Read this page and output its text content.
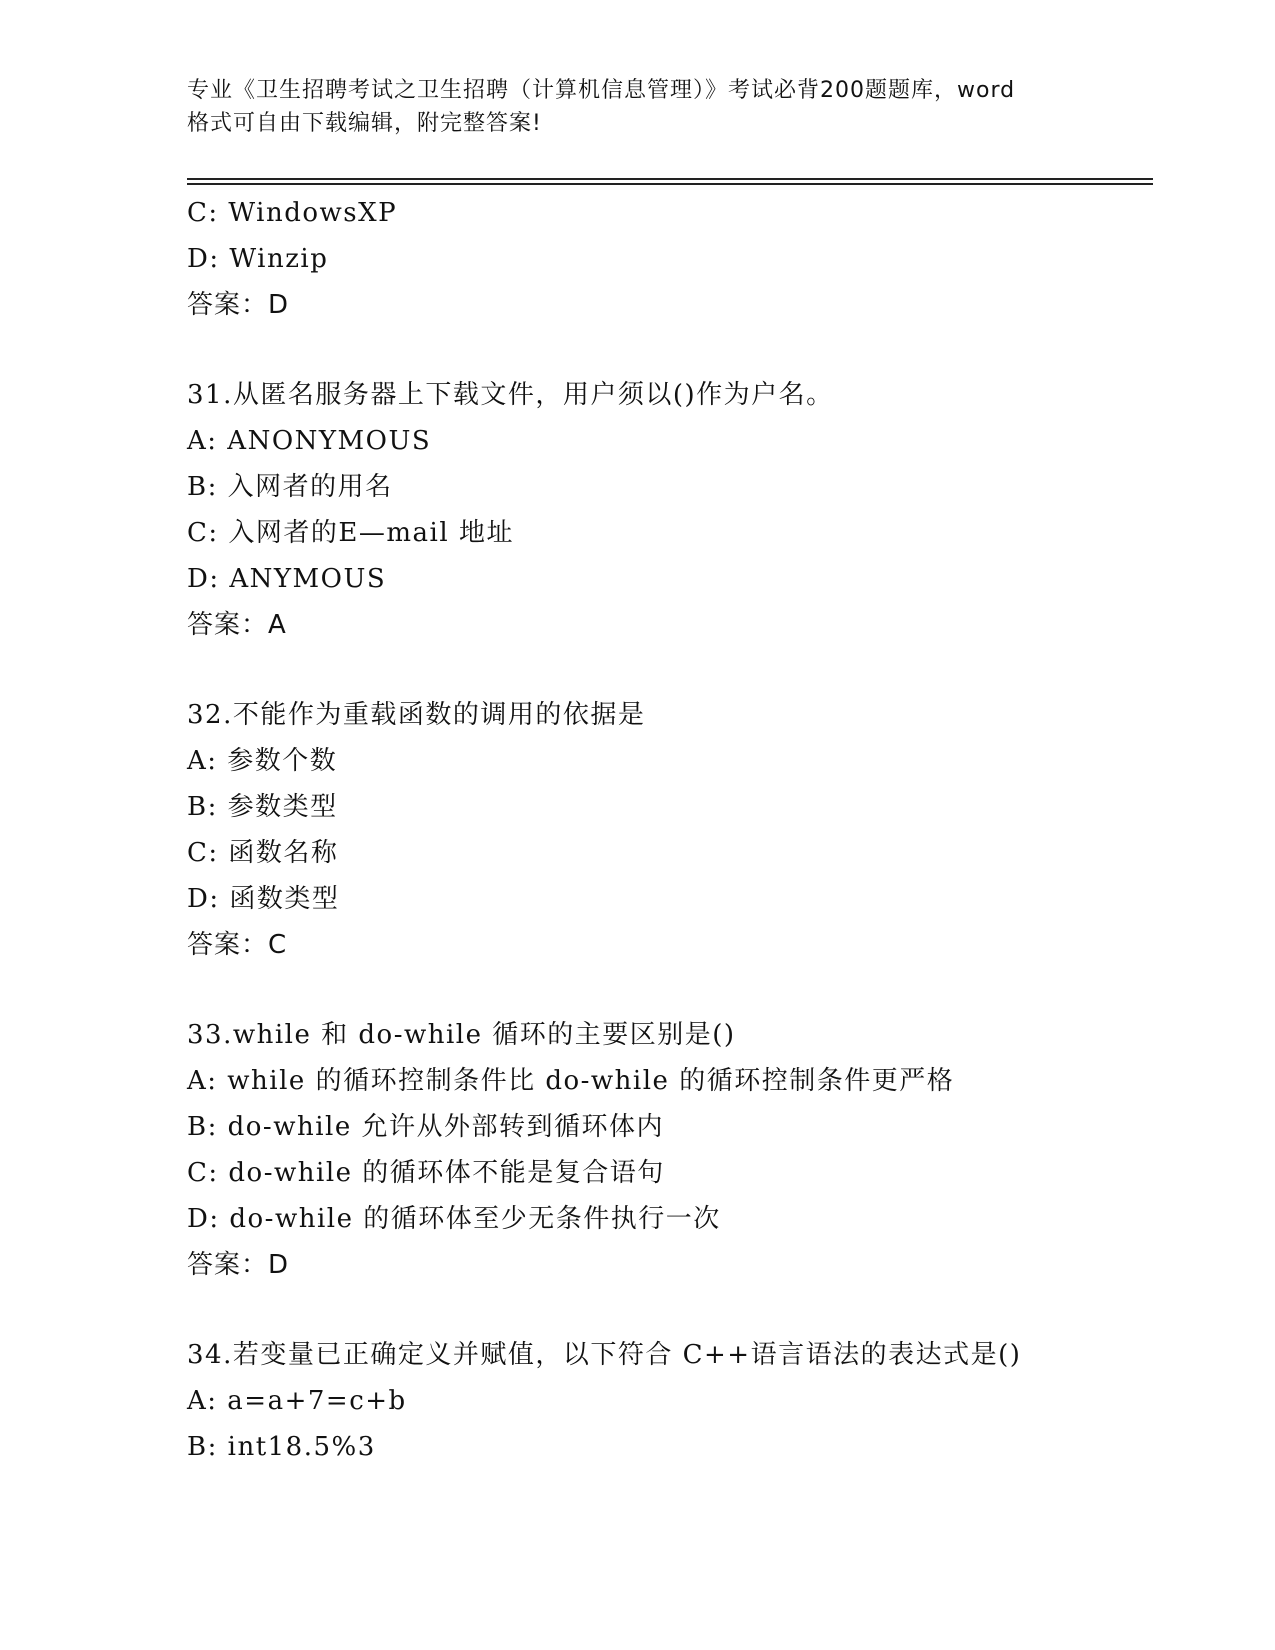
专业《卫生招聘考试之卫生招聘（计算机信息管理）》考试必背200题题库，word
格式可自由下载编辑，附完整答案!
C: WindowsXP
D: Winzip
答案：D
31.从匿名服务器上下载文件，用户须以()作为户名。
A: ANONYMOUS
B: 入网者的用名
C: 入网者的E—mail 地址
D: ANYMOUS
答案：A
32.不能作为重载函数的调用的依据是
A: 参数个数
B: 参数类型
C: 函数名称
D: 函数类型
答案：C
33.while 和 do-while 循环的主要区别是()
A: while 的循环控制条件比 do-while 的循环控制条件更严格
B: do-while 允许从外部转到循环体内
C: do-while 的循环体不能是复合语句
D: do-while 的循环体至少无条件执行一次
答案：D
34.若变量已正确定义并赋值，以下符合 C++语言语法的表达式是()
A: a=a+7=c+b
B: int18.5%3
